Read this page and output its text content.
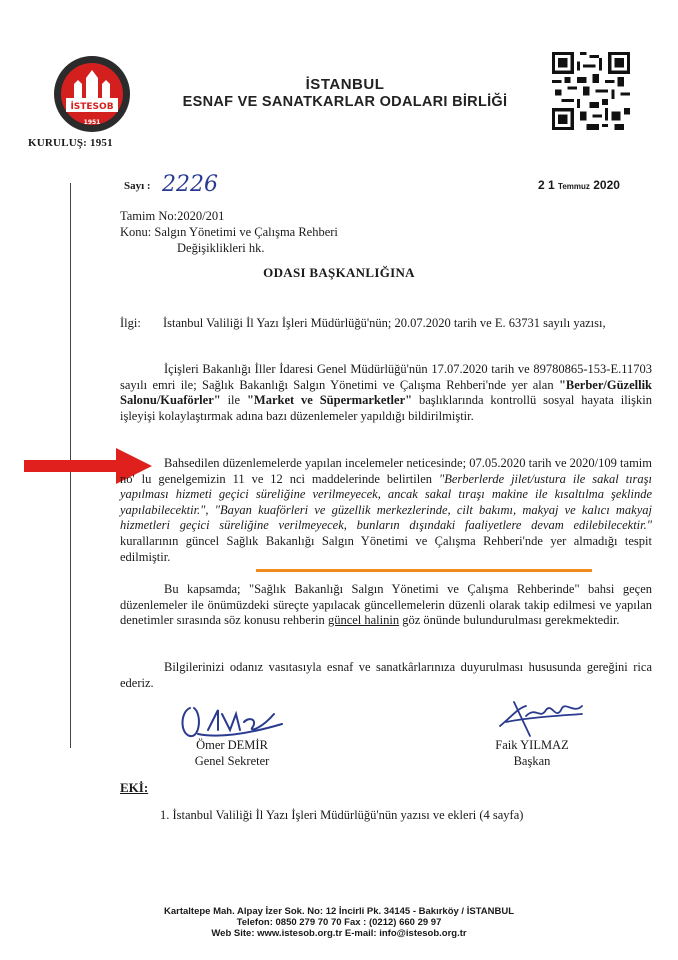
İSTESOB
1951
KURULUŞ: 1951
İSTANBUL
ESNAF VE SANATKARLAR ODALARI BİRLİĞİ
Sayı : 2226	2 1 Temmuz 2020
Tamim No:2020/201
Konu: Salgın Yönetimi ve Çalışma Rehberi
Değişiklikleri hk.
ODASI BAŞKANLIĞINA
İlgi:	İstanbul Valiliği İl Yazı İşleri Müdürlüğü'nün; 20.07.2020 tarih ve E. 63731 sayılı yazısı,
İçişleri Bakanlığı İller İdaresi Genel Müdürlüğü'nün 17.07.2020 tarih ve 89780865-153-E.11703 sayılı emri ile; Sağlık Bakanlığı Salgın Yönetimi ve Çalışma Rehberi'nde yer alan "Berber/Güzellik Salonu/Kuaförler" ile "Market ve Süpermarketler" başlıklarında kontrollü sosyal hayata ilişkin işleyişi kolaylaştırmak adına bazı düzenlemeler yapıldığı bildirilmiştir.
Bahsedilen düzenlemelerde yapılan incelemeler neticesinde; 07.05.2020 tarih ve 2020/109 tamim no' lu genelgemizin 11 ve 12 nci maddelerinde belirtilen "Berberlerde jilet/ustura ile sakal tıraşı yapılması hizmeti geçici süreliğine verilmeyecek, ancak sakal tıraşı makine ile kısaltılma şeklinde yapılabilecektir.", "Bayan kuaförleri ve güzellik merkezlerinde, cilt bakımı, makyaj ve kalıcı makyaj hizmetleri geçici süreliğine verilmeyecek, bunların dışındaki faaliyetlere devam edilebilecektir." kurallarının güncel Sağlık Bakanlığı Salgın Yönetimi ve Çalışma Rehberi'nde yer almadığı tespit edilmiştir.
Bu kapsamda; "Sağlık Bakanlığı Salgın Yönetimi ve Çalışma Rehberinde" bahsi geçen düzenlemeler ile önümüzdeki süreçte yapılacak güncellemelerin düzenli olarak takip edilmesi ve yapılan denetimler sırasında söz konusu rehberin güncel halinin göz önünde bulundurulması gerekmektedir.
Bilgilerinizi odanız vasıtasıyla esnaf ve sanatkârlarınıza duyurulması hususunda gereğini rica ederiz.
Ömer DEMİR
Genel Sekreter
Faik YILMAZ
Başkan
EKİ:
1. İstanbul Valiliği İl Yazı İşleri Müdürlüğü'nün yazısı ve ekleri (4 sayfa)
Kartaltepe Mah. Alpay İzer Sok. No: 12 İncirli Pk. 34145 - Bakırköy / İSTANBUL
Telefon: 0850 279 70 70 Fax : (0212) 660 29 97
Web Site: www.istesob.org.tr E-mail: info@istesob.org.tr
